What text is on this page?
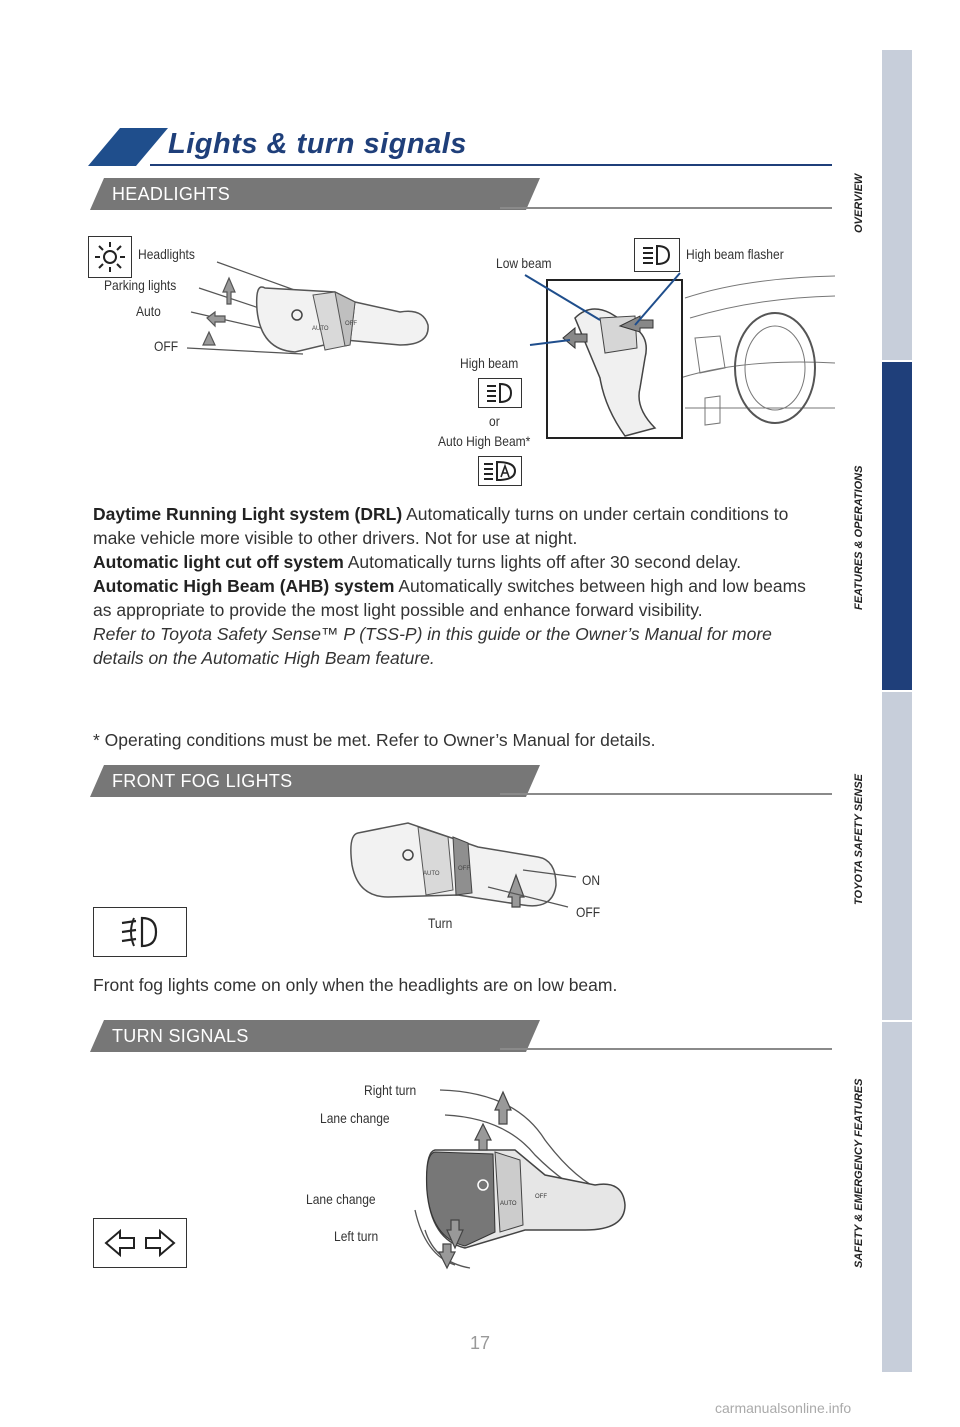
Lights & turn signals
HEADLIGHTS
Headlights
Parking lights
Auto
OFF
AUTO
OFF
Low beam
High beam flasher
High beam
or
Auto High Beam*
Daytime Running Light system (DRL) Automatically turns on under certain conditions to make vehicle more visible to other drivers. Not for use at night.
Automatic light cut off system Automatically turns lights off after 30 second delay.
Automatic High Beam (AHB) system Automatically switches between high and low beams as appropriate to provide the most light possible and enhance forward visibility.
Refer to Toyota Safety Sense™ P (TSS-P) in this guide or the Owner’s Manual for more details on the Automatic High Beam feature.
* Operating conditions must be met. Refer to Owner’s Manual for details.
FRONT FOG LIGHTS
AUTO
OFF
ON
OFF
Turn
Front fog lights come on only when the headlights are on low beam.
TURN SIGNALS
Right turn
Lane change
Lane change
Left turn
AUTO
OFF
OVERVIEW
FEATURES & OPERATIONS
TOYOTA SAFETY SENSE
SAFETY & EMERGENCY FEATURES
17
carmanualsonline.info
